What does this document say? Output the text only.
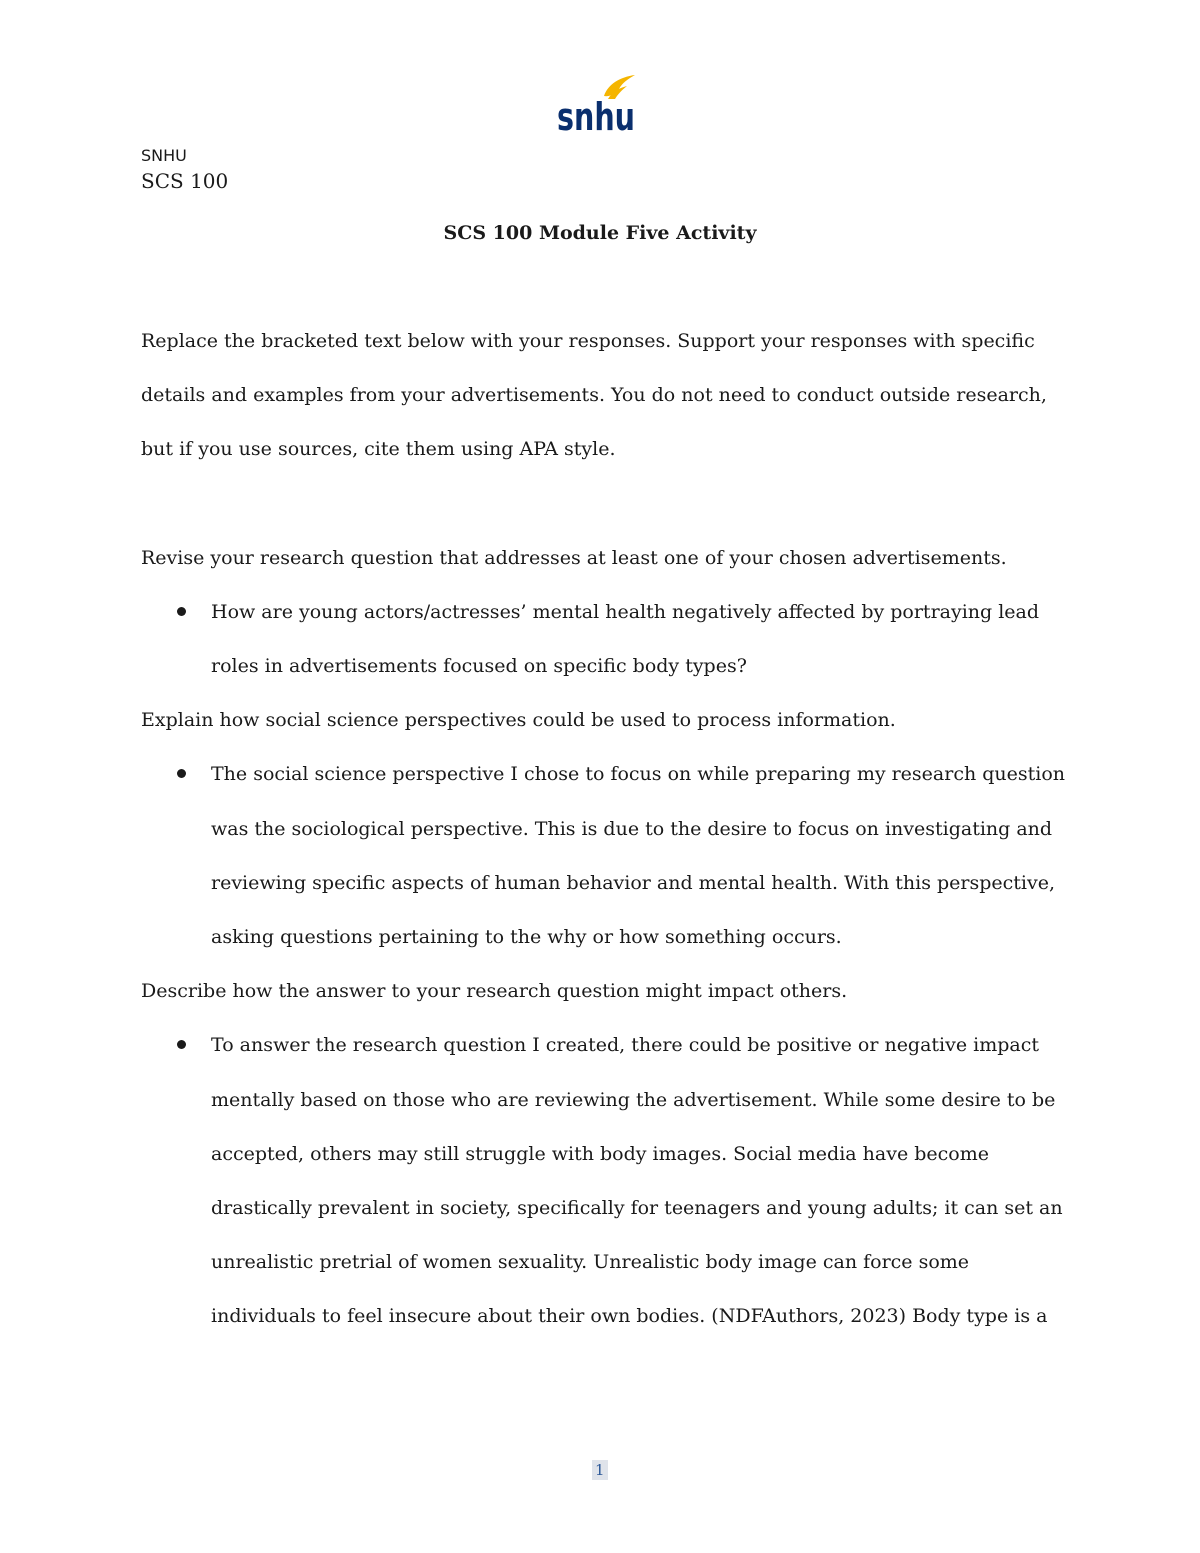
snhu
SNHU
SCS 100
SCS 100 Module Five Activity

Replace the bracketed text below with your responses. Support your responses with specific details and examples from your advertisements. You do not need to conduct outside research, but if you use sources, cite them using APA style.

Revise your research question that addresses at least one of your chosen advertisements.

How are young actors/actresses’ mental health negatively affected by portraying lead roles in advertisements focused on specific body types?

Explain how social science perspectives could be used to process information.

The social science perspective I chose to focus on while preparing my research question was the sociological perspective. This is due to the desire to focus on investigating and reviewing specific aspects of human behavior and mental health. With this perspective, asking questions pertaining to the why or how something occurs.

Describe how the answer to your research question might impact others.

To answer the research question I created, there could be positive or negative impact mentally based on those who are reviewing the advertisement. While some desire to be accepted, others may still struggle with body images. Social media have become drastically prevalent in society, specifically for teenagers and young adults; it can set an unrealistic pretrial of women sexuality. Unrealistic body image can force some individuals to feel insecure about their own bodies. (NDFAuthors, 2023) Body type is a
1
